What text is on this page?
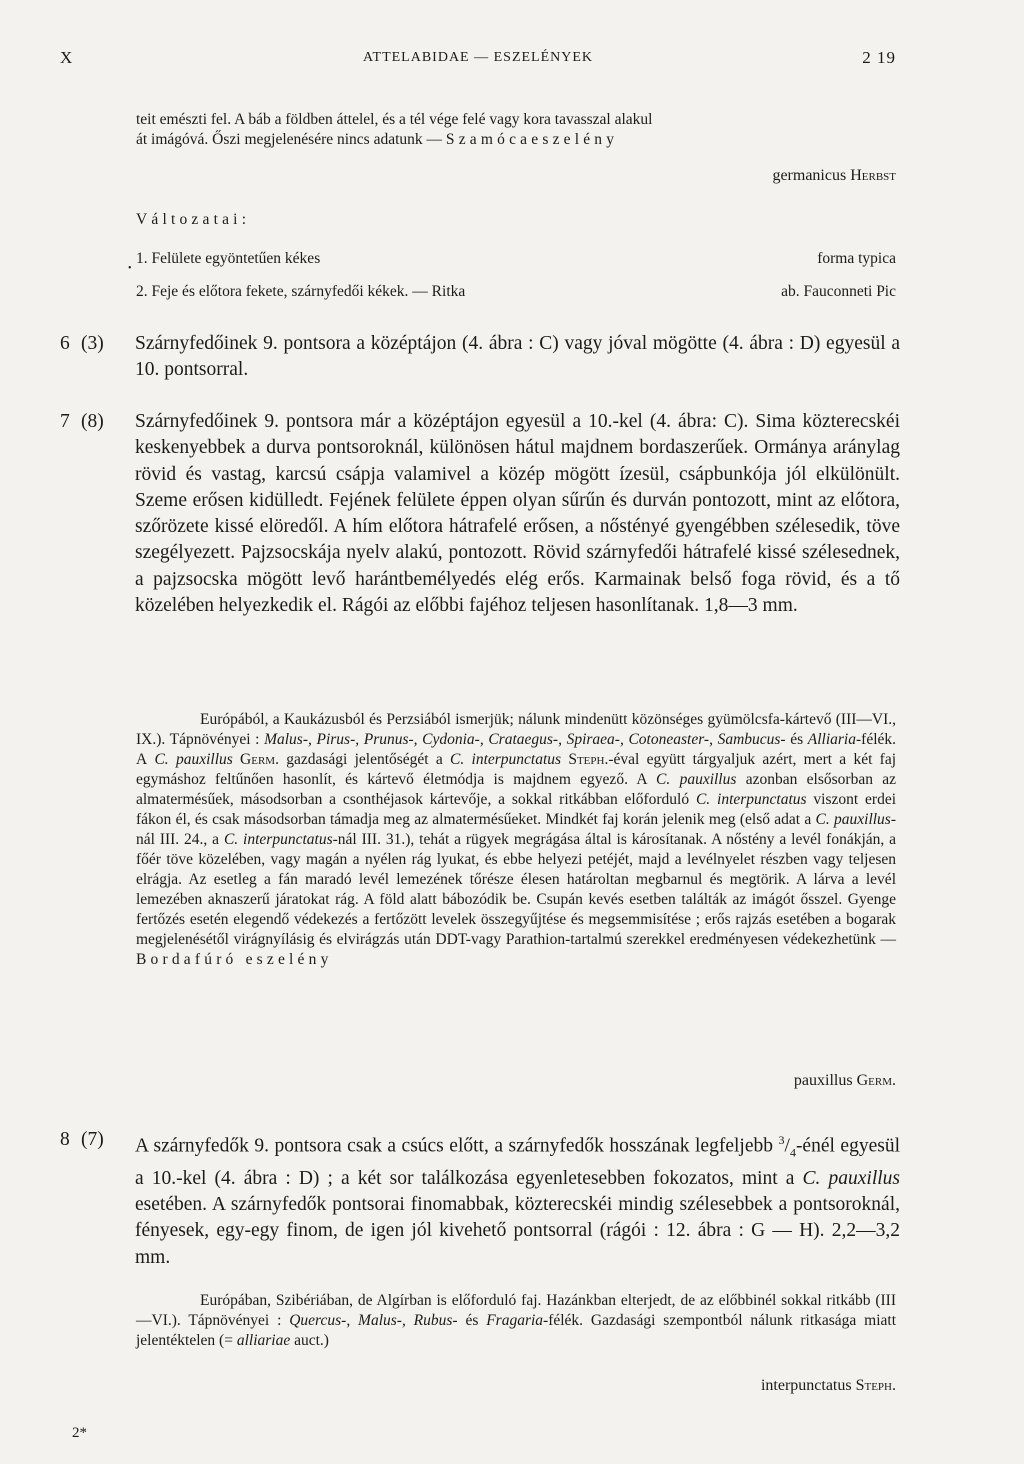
X	ATTELABIDAE — ESZELÉNYEK	2 19
teit emészti fel. A báb a földben áttelel, és a tél vége felé vagy kora tavasszal alakul
át imágóvá. Őszi megjelenésére nincs adatunk — Szamócaeszelény
germanicus Herbst
Változatai:
1. Felülete egyöntetűen kékes	forma typica
•
2. Feje és előtora fekete, szárnyfedői kékek. — Ritka	ab. Fauconneti Pic
6 (3) Szárnyfedőinek 9. pontsora a középtájon (4. ábra : C) vagy jóval mögötte (4. ábra : D) egyesül a 10. pontsorral.

7 (8) Szárnyfedőinek 9. pontsora már a középtájon egyesül a 10.-kel (4. ábra: C). Sima közterecskéi keskenyebbek a durva pontsoroknál, különösen hátul majdnem bordaszerűek. Ormánya aránylag rövid és vastag, karcsú csápja valamivel a közép mögött ízesül, csápbunkója jól elkülönült. Szeme erősen kidülledt. Fejének felülete éppen olyan sűrűn és durván pontozott, mint az előtora, szőrözete kissé elöredől. A hím előtora hátrafelé erősen, a nőstényé gyengébben szélesedik, töve szegélyezett. Pajzsocskája nyelv alakú, pontozott. Rövid szárnyfedői hátrafelé kissé szélesednek, a pajzsocska mögött levő harántbemélyedés elég erős. Karmainak belső foga rövid, és a tő közelében helyezkedik el. Rágói az előbbi fajéhoz teljesen hasonlítanak. 1,8—3 mm.

Európából, a Kaukázusból és Perzsiából ismerjük; nálunk mindenütt közönséges gyümölcsfa-kártevő (III—VI., IX.). Tápnövényei : Malus-, Pirus-, Prunus-, Cydonia-, Crataegus-, Spiraea-, Cotoneaster-, Sambucus- és Alliaria-félék. A C. pauxillus Germ. gazdasági jelentőségét a C. interpunctatus Steph.-éval együtt tárgyaljuk azért, mert a két faj egymáshoz feltűnően hasonlít, és kártevő életmódja is majdnem egyező. A C. pauxillus azonban elsősorban az almatermésűek, másodsorban a csonthéjasok kártevője, a sokkal ritkábban előforduló C. interpunctatus viszont erdei fákon él, és csak másodsorban támadja meg az almatermésűeket. Mindkét faj korán jelenik meg (első adat a C. pauxillus-nál III. 24., a C. interpunctatus-nál III. 31.), tehát a rügyek megrágása által is károsítanak. A nőstény a levél fonákján, a főér töve közelében, vagy magán a nyélen rág lyukat, és ebbe helyezi petéjét, majd a levélnyelet részben vagy teljesen elrágja. Az esetleg a fán maradó levél lemezének tőrésze élesen határoltan megbarnul és megtörik. A lárva a levél lemezében aknaszerű járatokat rág. A föld alatt bábozódik be. Csupán kevés esetben találták az imágót ősszel. Gyenge fertőzés esetén elegendő védekezés a fertőzött levelek összegyűjtése és megsemmisítése ; erős rajzás esetében a bogarak megjelenésétől virágnyílásig és elvirágzás után DDT-vagy Parathion-tartalmú szerekkel eredményesen védekezhetünk — Bordafúró eszelény

pauxillus Germ.
8 (7) A szárnyfedők 9. pontsora csak a csúcs előtt, a szárnyfedők hosszának legfeljebb $^3/_4$-énél egyesül a 10.-kel (4. ábra : D) ; a két sor találkozása egyenletesebben fokozatos, mint a C. pauxillus esetében. A szárnyfedők pontsorai finomabbak, közterecskéi mindig szélesebbek a pontsoroknál, fényesek, egy-egy finom, de igen jól kivehető pontsorral (rágói : 12. ábra : G — H). 2,2—3,2 mm.

Európában, Szibériában, de Algírban is előforduló faj. Hazánkban elterjedt, de az előbbinél sokkal ritkább (III—VI.). Tápnövényei : Quercus-, Malus-, Rubus- és Fragaria-félék. Gazdasági szempontból nálunk ritkasága miatt jelentéktelen (= alliariae auct.)

interpunctatus Steph.
2*
